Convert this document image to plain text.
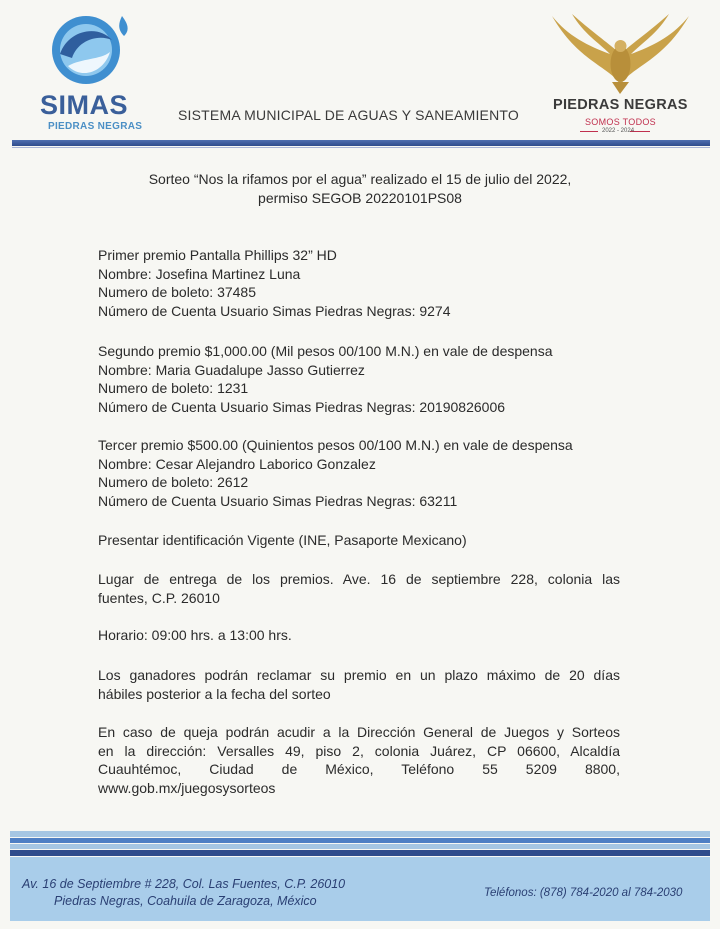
SIMAS
PIEDRAS NEGRAS
SISTEMA MUNICIPAL DE AGUAS Y SANEAMIENTO
PIEDRAS NEGRAS
SOMOS TODOS
2022 - 2024
Sorteo “Nos la rifamos por el agua” realizado el 15 de julio del 2022,
permiso SEGOB 20220101PS08
Primer premio Pantalla Phillips 32” HD
Nombre: Josefina Martinez Luna
Numero de boleto: 37485
Número de Cuenta Usuario Simas Piedras Negras: 9274
Segundo premio $1,000.00 (Mil pesos 00/100 M.N.) en vale de despensa
Nombre: Maria Guadalupe Jasso Gutierrez
Numero de boleto: 1231
Número de Cuenta Usuario Simas Piedras Negras: 20190826006
Tercer premio $500.00 (Quinientos pesos 00/100 M.N.) en vale de despensa
Nombre: Cesar Alejandro Laborico Gonzalez
Numero de boleto: 2612
Número de Cuenta Usuario Simas Piedras Negras: 63211
Presentar identificación Vigente (INE, Pasaporte Mexicano)
Lugar de entrega de los premios. Ave. 16 de septiembre 228, colonia las
fuentes, C.P. 26010
Horario: 09:00 hrs. a 13:00 hrs.
Los ganadores podrán reclamar su premio en un plazo máximo de 20 días
hábiles posterior a la fecha del sorteo
En caso de queja podrán acudir a la Dirección General de Juegos y Sorteos
en la dirección: Versalles 49, piso 2, colonia Juárez, CP 06600, Alcaldía
Cuauhtémoc, Ciudad de México, Teléfono 55 5209 8800,
www.gob.mx/juegosysorteos
Av. 16 de Septiembre # 228, Col. Las Fuentes, C.P. 26010
Piedras Negras, Coahuila de Zaragoza, México
Teléfonos: (878) 784-2020 al 784-2030
